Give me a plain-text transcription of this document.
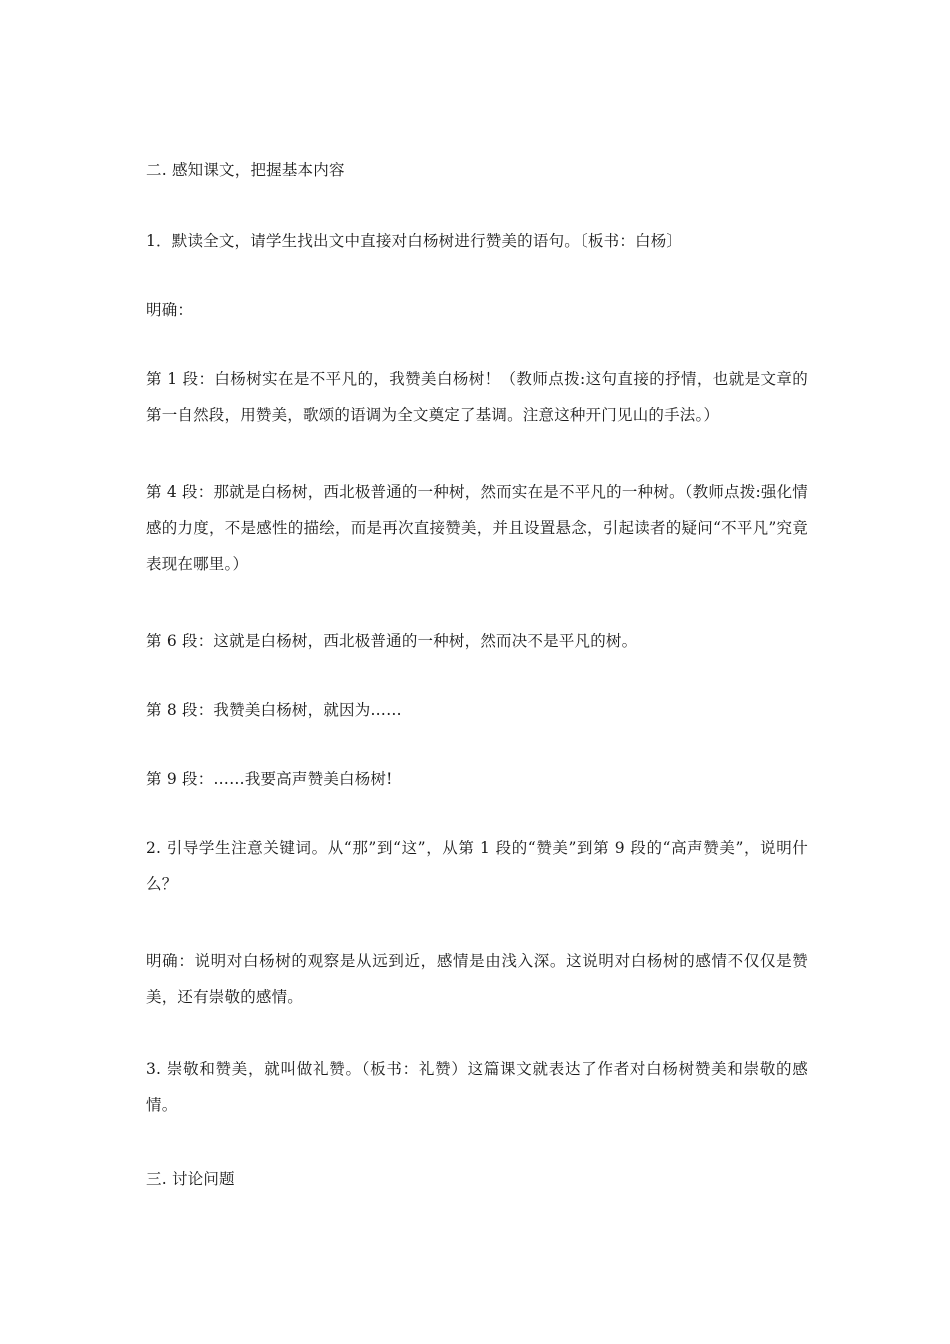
二. 感知课文，把握基本内容

1．默读全文，请学生找出文中直接对白杨树进行赞美的语句。〔板书：白杨〕

明确：

第 1 段：白杨树实在是不平凡的，我赞美白杨树！（教师点拨:这句直接的抒情，也就是文章的第一自然段，用赞美，歌颂的语调为全文奠定了基调。注意这种开门见山的手法。）

第 4 段：那就是白杨树，西北极普通的一种树，然而实在是不平凡的一种树。（教师点拨:强化情感的力度，不是感性的描绘，而是再次直接赞美，并且设置悬念，引起读者的疑问“不平凡”究竟表现在哪里。）

第 6 段：这就是白杨树，西北极普通的一种树，然而决不是平凡的树。

第 8 段：我赞美白杨树，就因为……

第 9 段：……我要高声赞美白杨树!

2. 引导学生注意关键词。从“那”到“这”，从第 1 段的“赞美”到第 9 段的“高声赞美”，说明什么？

明确：说明对白杨树的观察是从远到近，感情是由浅入深。这说明对白杨树的感情不仅仅是赞美，还有崇敬的感情。

3. 崇敬和赞美，就叫做礼赞。（板书：礼赞）这篇课文就表达了作者对白杨树赞美和崇敬的感情。

三. 讨论问题
